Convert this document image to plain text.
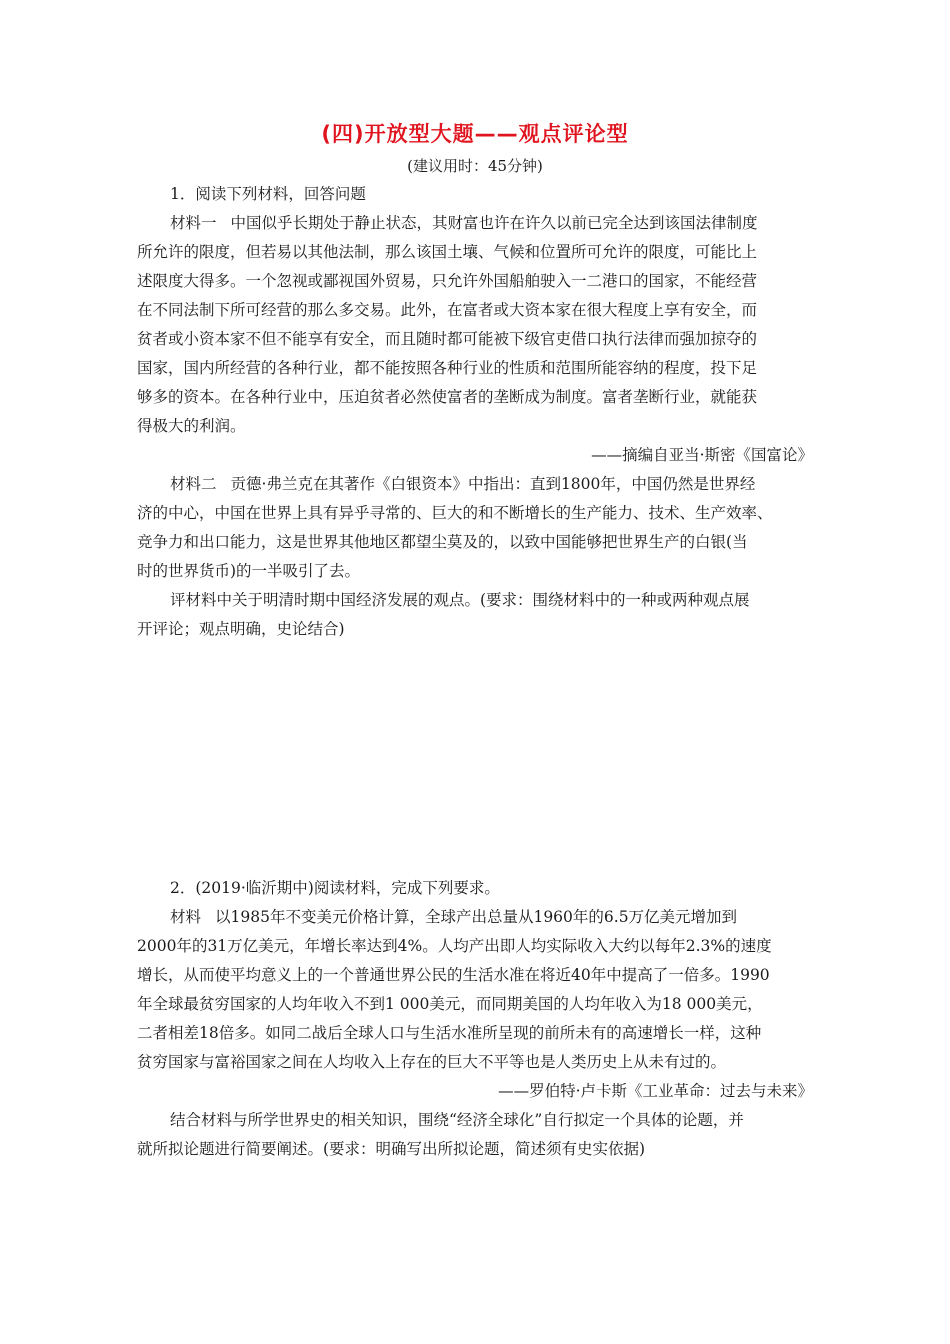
(四)开放型大题——观点评论型
(建议用时：45分钟)
1．阅读下列材料，回答问题
材料一 中国似乎长期处于静止状态，其财富也许在许久以前已完全达到该国法律制度
所允许的限度，但若易以其他法制，那么该国土壤、气候和位置所可允许的限度，可能比上
述限度大得多。一个忽视或鄙视国外贸易，只允许外国船舶驶入一二港口的国家，不能经营
在不同法制下所可经营的那么多交易。此外，在富者或大资本家在很大程度上享有安全，而
贫者或小资本家不但不能享有安全，而且随时都可能被下级官吏借口执行法律而强加掠夺的
国家，国内所经营的各种行业，都不能按照各种行业的性质和范围所能容纳的程度，投下足
够多的资本。在各种行业中，压迫贫者必然使富者的垄断成为制度。富者垄断行业，就能获
得极大的利润。
——摘编自亚当·斯密《国富论》
材料二 贡德·弗兰克在其著作《白银资本》中指出：直到1800年，中国仍然是世界经
济的中心，中国在世界上具有异乎寻常的、巨大的和不断增长的生产能力、技术、生产效率、
竞争力和出口能力，这是世界其他地区都望尘莫及的，以致中国能够把世界生产的白银(当
时的世界货币)的一半吸引了去。
评材料中关于明清时期中国经济发展的观点。(要求：围绕材料中的一种或两种观点展
开评论；观点明确，史论结合)
2．(2019·临沂期中)阅读材料，完成下列要求。
材料 以1985年不变美元价格计算，全球产出总量从1960年的6.5万亿美元增加到
2000年的31万亿美元，年增长率达到4%。人均产出即人均实际收入大约以每年2.3%的速度
增长，从而使平均意义上的一个普通世界公民的生活水准在将近40年中提高了一倍多。1990
年全球最贫穷国家的人均年收入不到1 000美元，而同期美国的人均年收入为18 000美元，
二者相差18倍多。如同二战后全球人口与生活水准所呈现的前所未有的高速增长一样，这种
贫穷国家与富裕国家之间在人均收入上存在的巨大不平等也是人类历史上从未有过的。
——罗伯特·卢卡斯《工业革命：过去与未来》
结合材料与所学世界史的相关知识，围绕“经济全球化”自行拟定一个具体的论题，并
就所拟论题进行简要阐述。(要求：明确写出所拟论题，简述须有史实依据)
